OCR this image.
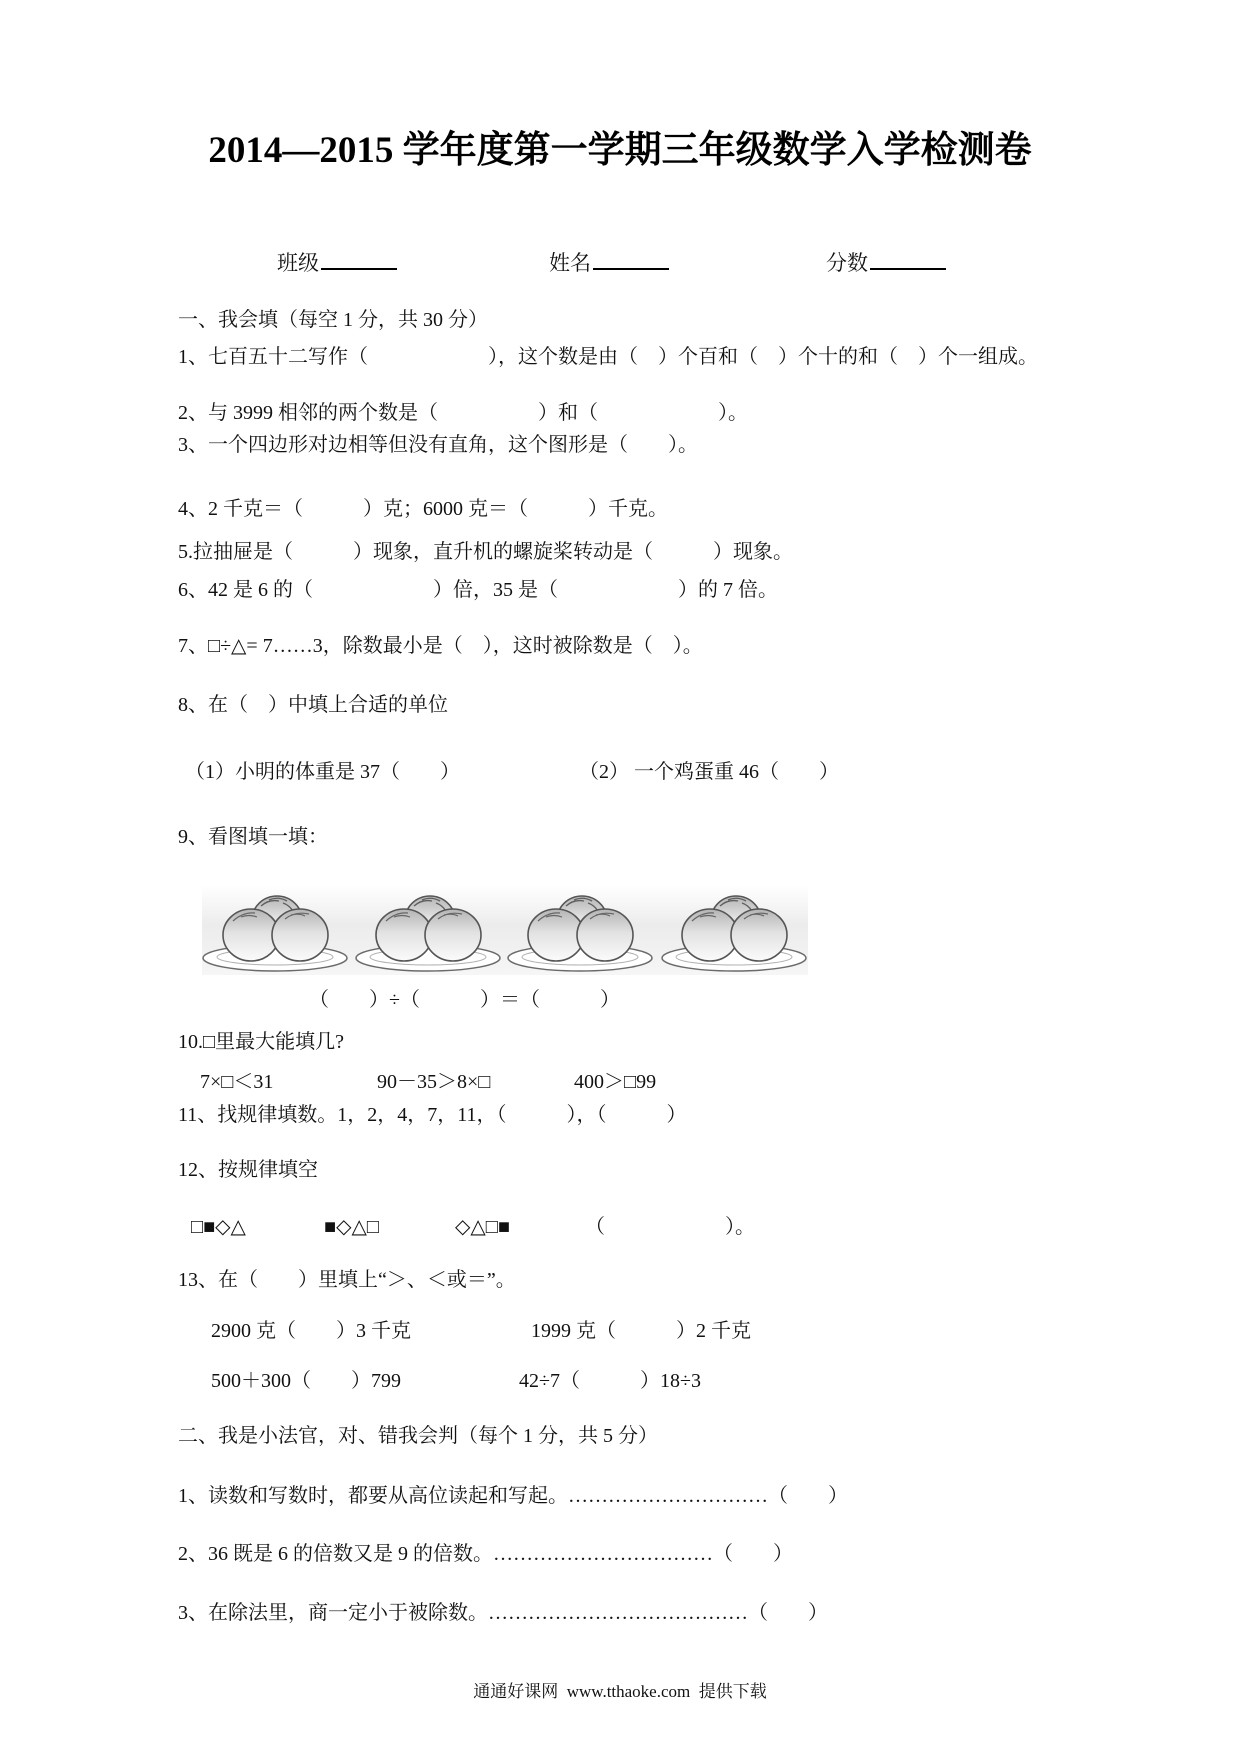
2014—2015 学年度第一学期三年级数学入学检测卷

班级
	姓名
	分数

一、我会填（每空 1 分，共 30 分）
1、七百五十二写作（　　　　　　），这个数是由（　）个百和（　）个十的和（　）个一组成。
2、与 3999 相邻的两个数是（　　　　　）和（　　　　　　）。
3、一个四边形对边相等但没有直角，这个图形是（　　）。
4、2 千克＝（　　　）克；6000 克＝（　　　）千克。
5.拉抽屉是（　　　）现象，直升机的螺旋桨转动是（　　　）现象。
6、42 是 6 的（　　　　　　）倍，35 是（　　　　　　）的 7 倍。
7、□÷△= 7……3，除数最小是（　），这时被除数是（　）。
8、在（　）中填上合适的单位
（1）小明的体重是 37（　　）	（2） 一个鸡蛋重 46（　　）
9、看图填一填：
（　　）÷（　　　）＝（　　　）
10.□里最大能填几?
7×□＜31	90－35＞8×□	400＞□99
11、找规律填数。1，2，4，7，11，（　　　），（　　　）
12、按规律填空
□■◇△	■◇△□	◇△□■	（　　　　　　）。
13、在（　　）里填上“＞、＜或＝”。
2900 克（　　）3 千克	1999 克（　　　）2 千克
500＋300（　　）799	42÷7（　　　）18÷3
二、我是小法官，对、错我会判（每个 1 分，共 5 分）
1、读数和写数时，都要从高位读起和写起。…………………………（　　）
2、36 既是 6 的倍数又是 9 的倍数。……………………………（　　）
3、在除法里，商一定小于被除数。…………………………………（　　）
通通好课网  www.tthaoke.com  提供下载
